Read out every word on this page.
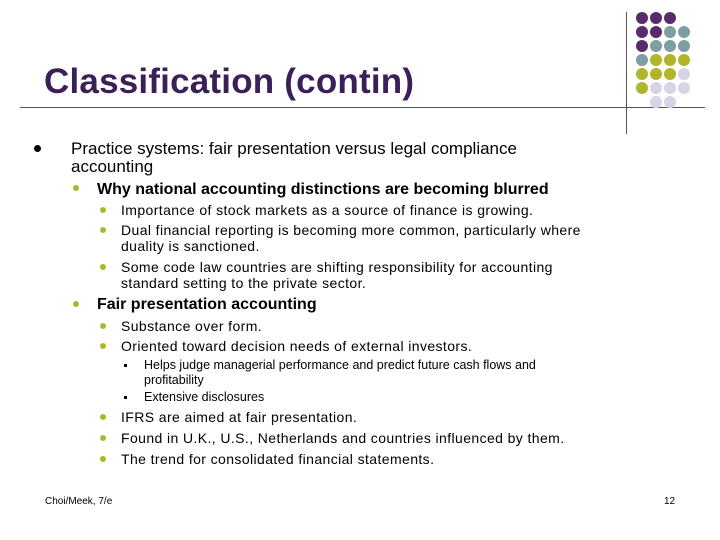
Classification (contin)
Practice systems: fair presentation versus legal compliance
accounting
Why national accounting distinctions are becoming blurred
Importance of stock markets as a source of finance is growing.
Dual financial reporting is becoming more common, particularly where
duality is sanctioned.
Some code law countries are shifting responsibility for accounting
standard setting to the private sector.
Fair presentation accounting
Substance over form.
Oriented toward decision needs of external investors.
Helps judge managerial performance and predict future cash flows and
profitability
Extensive disclosures
IFRS are aimed at fair presentation.
Found in U.K., U.S., Netherlands and countries influenced by them.
The trend for consolidated financial statements.
Choi/Meek, 7/e	12
